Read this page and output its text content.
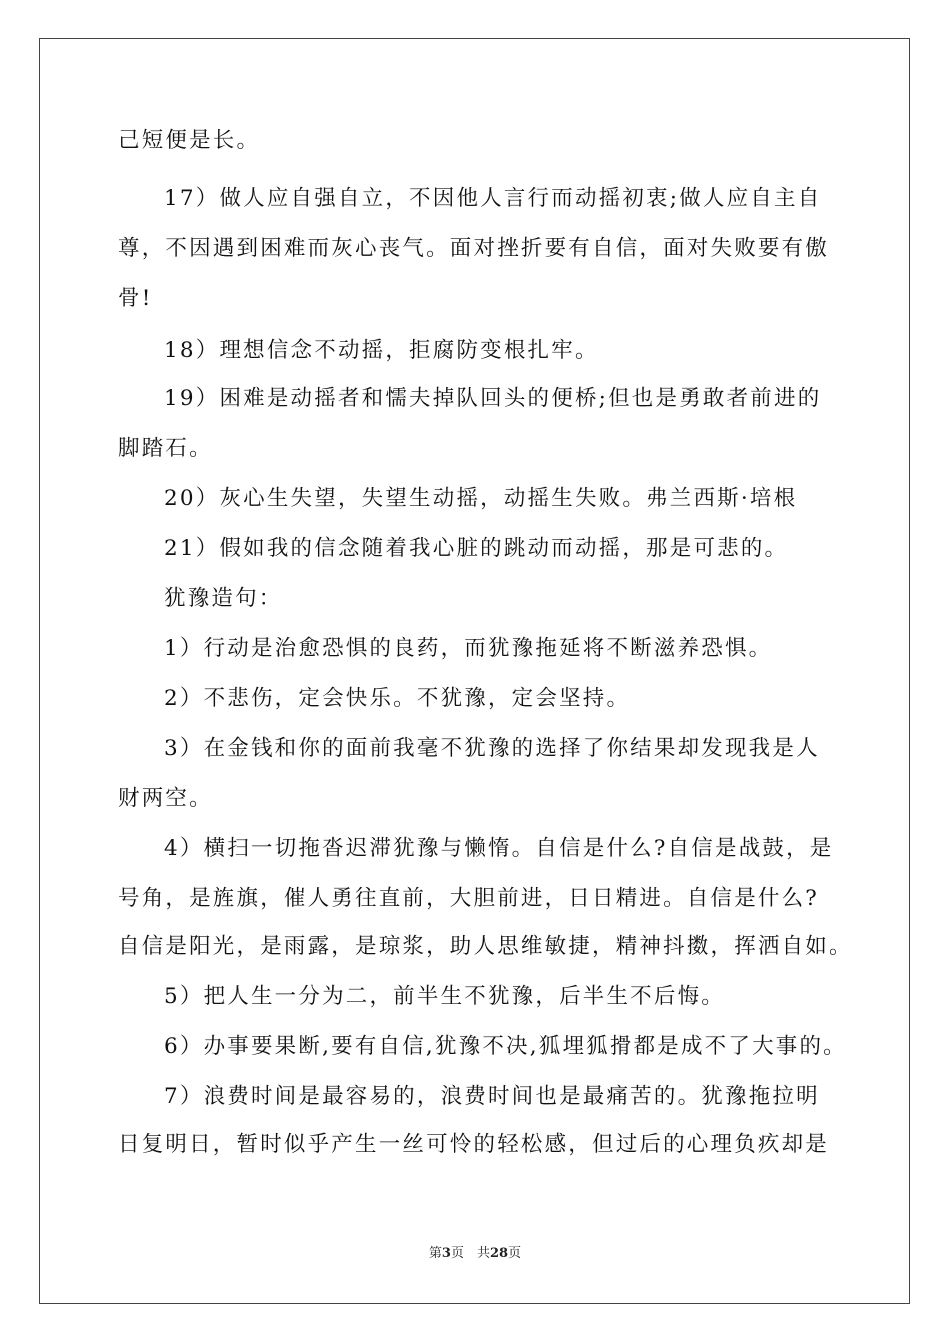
己短便是长。
17）做人应自强自立，不因他人言行而动摇初衷;做人应自主自
尊，不因遇到困难而灰心丧气。面对挫折要有自信，面对失败要有傲
骨!
18）理想信念不动摇，拒腐防变根扎牢。
19）困难是动摇者和懦夫掉队回头的便桥;但也是勇敢者前进的
脚踏石。
20）灰心生失望，失望生动摇，动摇生失败。弗兰西斯·培根
21）假如我的信念随着我心脏的跳动而动摇，那是可悲的。
犹豫造句：
1）行动是治愈恐惧的良药，而犹豫拖延将不断滋养恐惧。
2）不悲伤，定会快乐。不犹豫，定会坚持。
3）在金钱和你的面前我毫不犹豫的选择了你结果却发现我是人
财两空。
4）横扫一切拖沓迟滞犹豫与懒惰。自信是什么?自信是战鼓，是
号角，是旌旗，催人勇往直前，大胆前进，日日精进。自信是什么?
自信是阳光，是雨露，是琼浆，助人思维敏捷，精神抖擞，挥洒自如。
5）把人生一分为二，前半生不犹豫，后半生不后悔。
6）办事要果断,要有自信,犹豫不决,狐埋狐搰都是成不了大事的。
7）浪费时间是最容易的，浪费时间也是最痛苦的。犹豫拖拉明
日复明日，暂时似乎产生一丝可怜的轻松感，但过后的心理负疚却是
第3页　共28页
